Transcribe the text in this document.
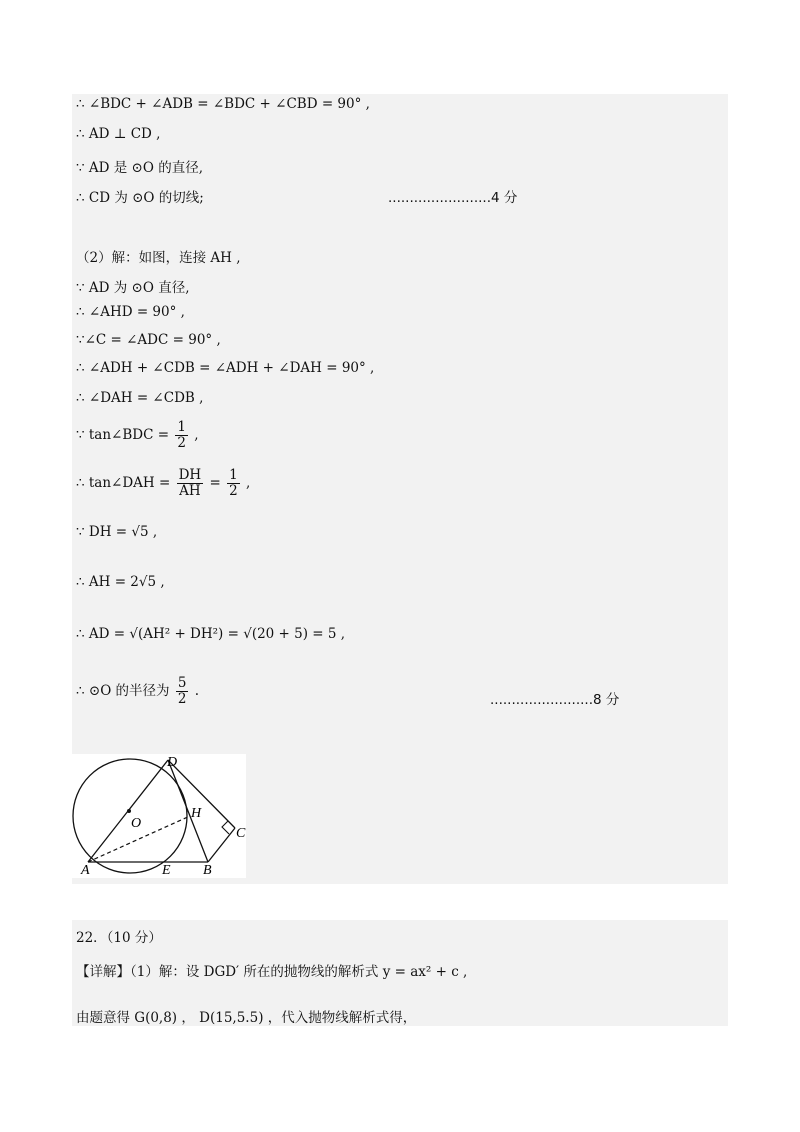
∴ ∠BDC + ∠ADB = ∠BDC + ∠CBD = 90° ,
∴ AD ⊥ CD ,
∵ AD 是 ⊙O 的直径,
∴ CD 为 ⊙O 的切线;	........................4 分
（2）解：如图，连接 AH ,
∵ AD 为 ⊙O 直径,
∴ ∠AHD = 90° ,
∵∠C = ∠ADC = 90° ,
∴ ∠ADH + ∠CDB = ∠ADH + ∠DAH = 90° ,
∴ ∠DAH = ∠CDB ,
∵ tan∠BDC = $\frac{1}{2}$ ,
∴ tan∠DAH = $\frac{DH}{AH} = \frac{1}{2}$ ,
∵ DH = √5 ,
∴ AH = 2√5 ,
∴ AD = √(AH² + DH²) = √(20 + 5) = 5 ,
∴ ⊙O 的半径为 $\frac{5}{2}$ .
........................8 分
D
O
H
C
A	E B
22．（10 分）
【详解】（1）解：设 DGD′ 所在的抛物线的解析式 y = ax² + c ,
由题意得 G(0,8) ， D(15,5.5) ，代入抛物线解析式得，
